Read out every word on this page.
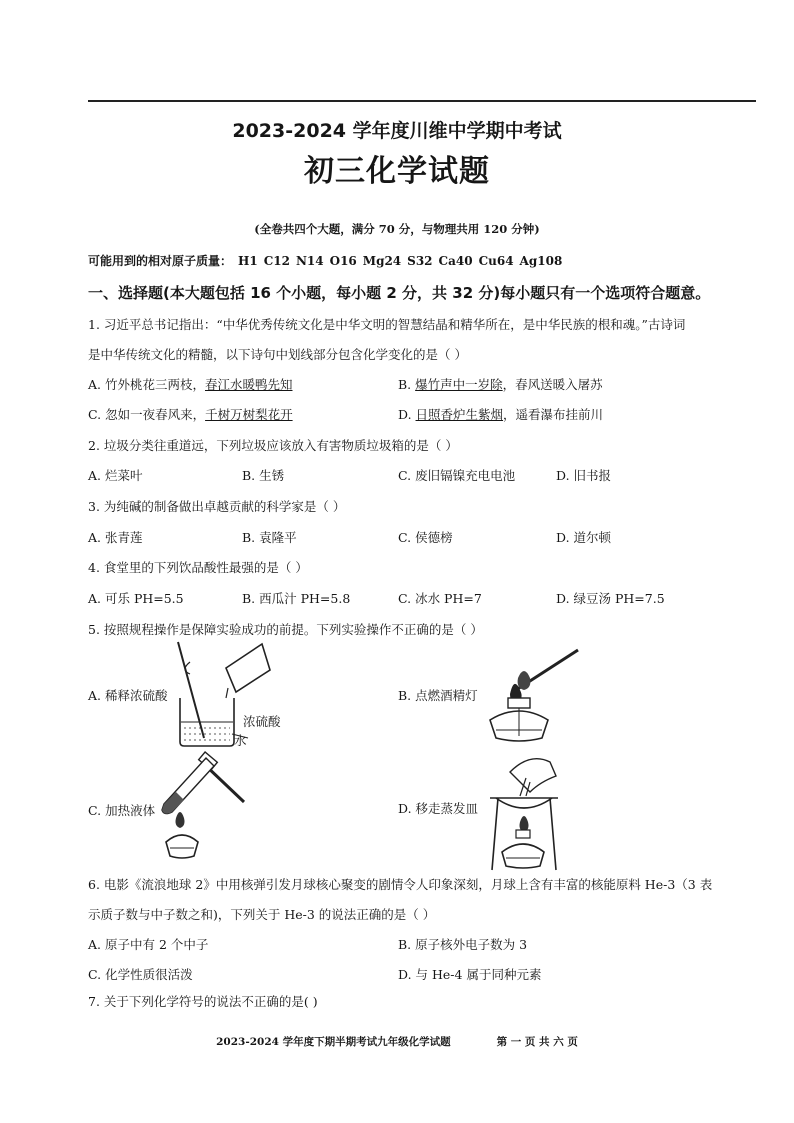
2023-2024 学年度川维中学期中考试
初三化学试题
(全卷共四个大题，满分 70 分，与物理共用 120 分钟)
可能用到的相对原子质量： H1 C12 N14 O16 Mg24 S32 Ca40 Cu64 Ag108
一、选择题(本大题包括 16 个小题，每小题 2 分，共 32 分)每小题只有一个选项符合题意。
1. 习近平总书记指出：“中华优秀传统文化是中华文明的智慧结晶和精华所在，是中华民族的根和魂。”古诗词
是中华传统文化的精髓，以下诗句中划线部分包含化学变化的是（ ）
A. 竹外桃花三两枝，春江水暖鸭先知	B. 爆竹声中一岁除，春风送暖入屠苏
C. 忽如一夜春风来，千树万树梨花开	D. 日照香炉生紫烟，遥看瀑布挂前川
2. 垃圾分类往重道远，下列垃圾应该放入有害物质垃圾箱的是（ ）
A. 烂菜叶	B. 生锈	C. 废旧镉镍充电电池	D. 旧书报
3. 为纯碱的制备做出卓越贡献的科学家是（ ）
A. 张青莲	B. 袁隆平	C. 侯德榜	D. 道尔顿
4. 食堂里的下列饮品酸性最强的是（ ）
A. 可乐 PH=5.5	B. 西瓜汁 PH=5.8	C. 冰水 PH=7	D. 绿豆汤 PH=7.5
5. 按照规程操作是保障实验成功的前提。下列实验操作不正确的是（ ）
A. 稀释浓硫酸	B. 点燃酒精灯
C. 加热液体	D. 移走蒸发皿
浓硫酸
水
6. 电影《流浪地球 2》中用核弹引发月球核心聚变的剧情令人印象深刻，月球上含有丰富的核能原料 He-3（3 表
示质子数与中子数之和)，下列关于 He-3 的说法正确的是（ ）
A. 原子中有 2 个中子	B. 原子核外电子数为 3
C. 化学性质很活泼	D. 与 He-4 属于同种元素
7. 关于下列化学符号的说法不正确的是( )
2023-2024 学年度下期半期考试九年级化学试题	第 一 页 共 六 页
